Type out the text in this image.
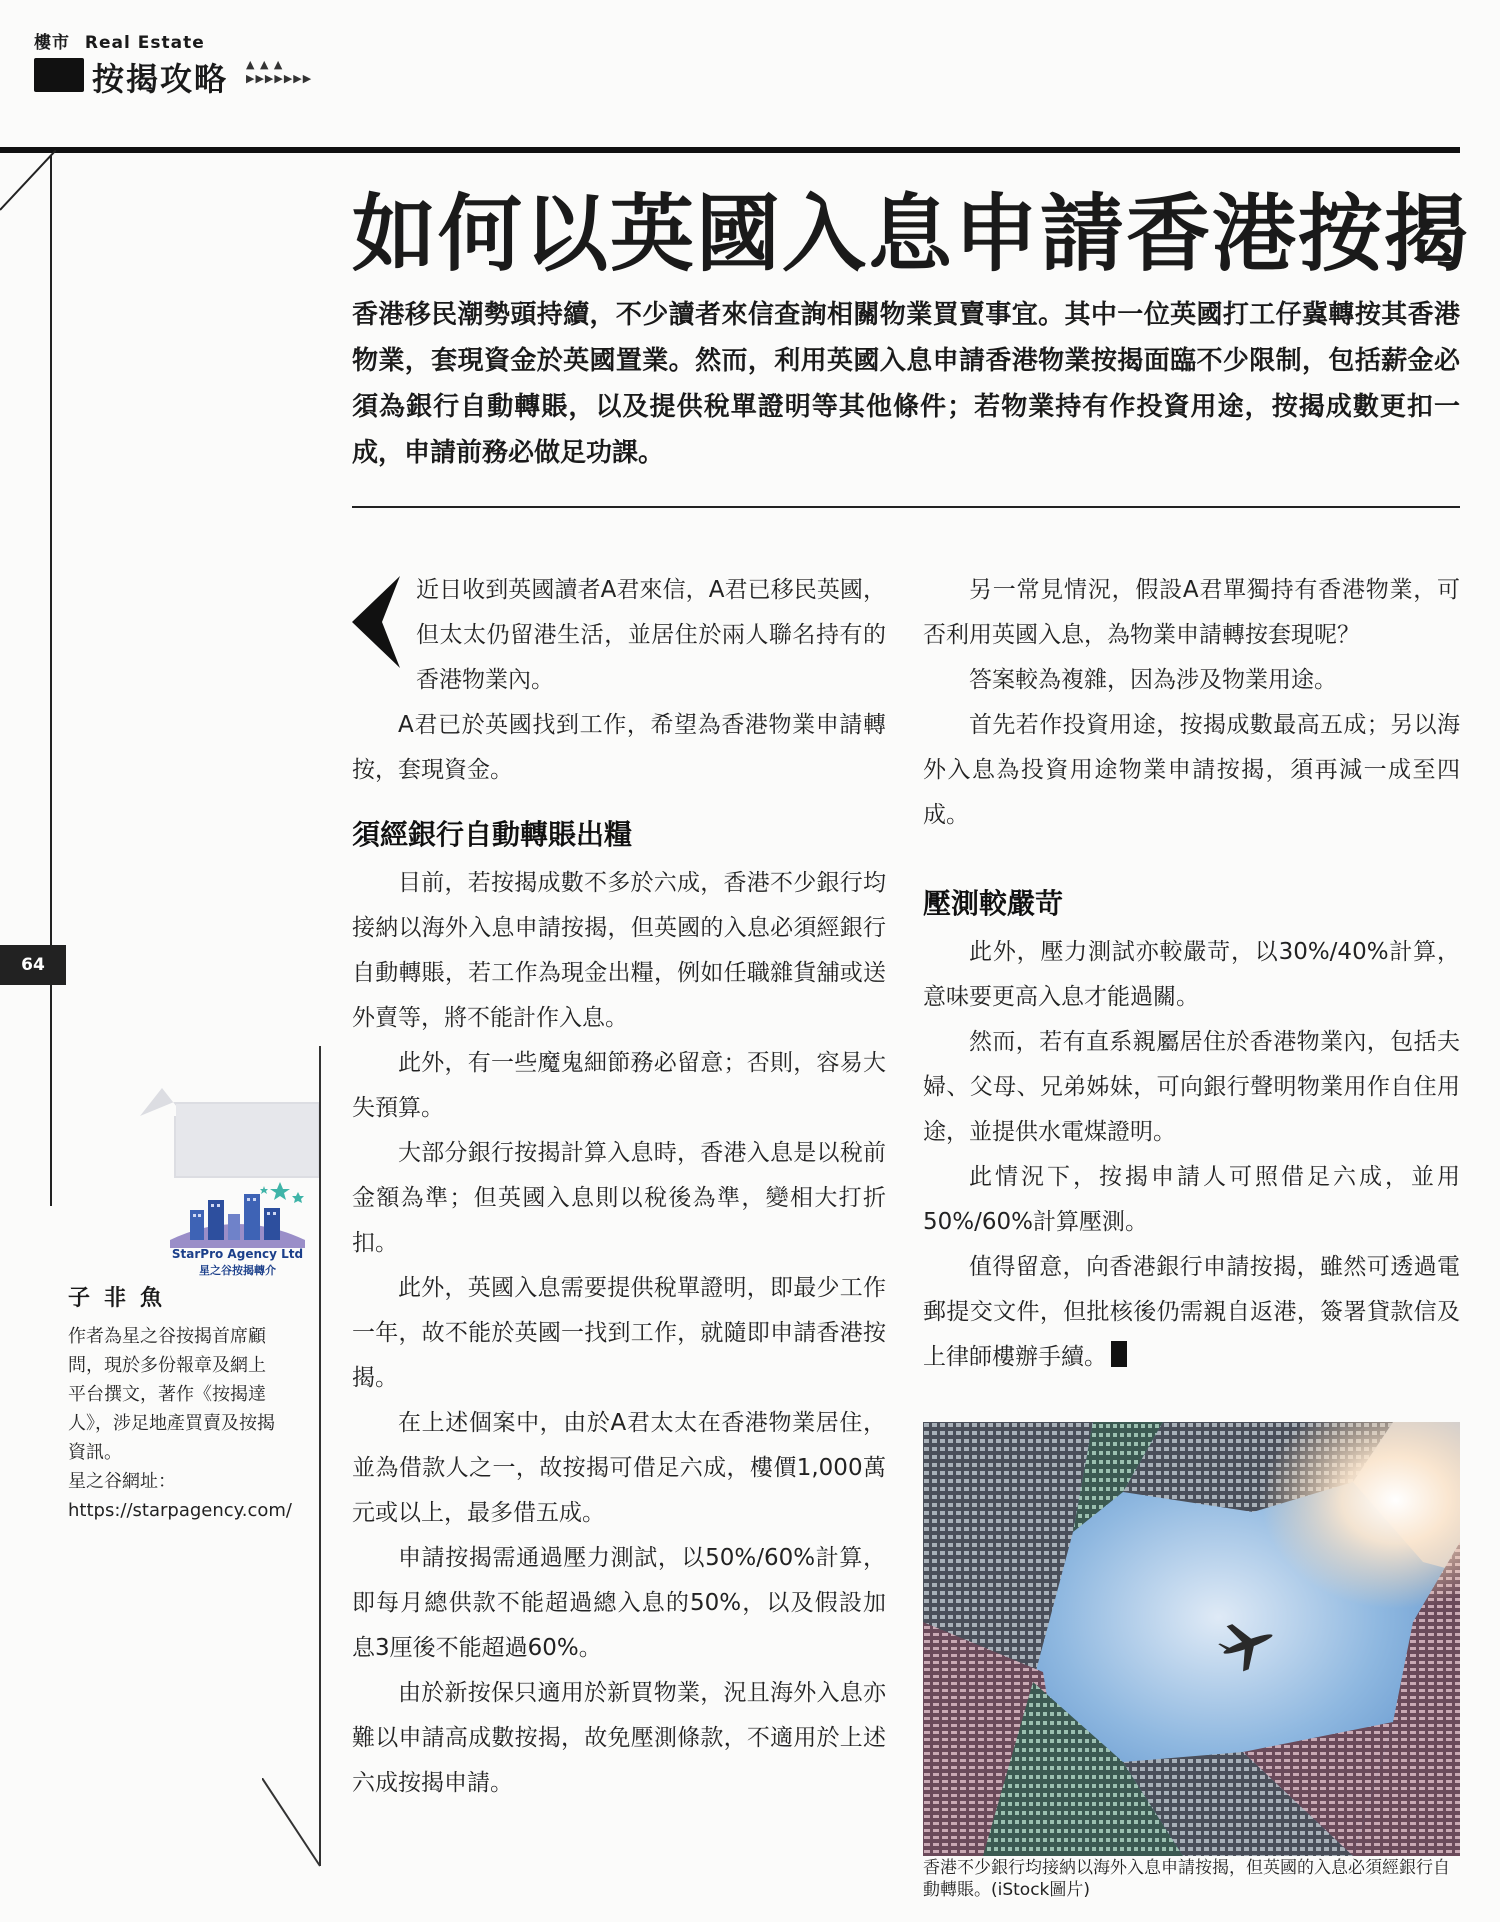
樓市 Real Estate
按揭攻略 ▲ ▲ ▲
▶▶▶▶▶▶▶
64
如何以英國入息申請香港按揭
香港移民潮勢頭持續，不少讀者來信查詢相關物業買賣事宜。其中一位英國打工仔冀轉按其香港物業，套現資金於英國置業。然而，利用英國入息申請香港物業按揭面臨不少限制，包括薪金必須為銀行自動轉賬，以及提供稅單證明等其他條件；若物業持有作投資用途，按揭成數更扣一成，申請前務必做足功課。

近日收到英國讀者A君來信，A君已移民英國，但太太仍留港生活，並居住於兩人聯名持有的香港物業內。

A君已於英國找到工作，希望為香港物業申請轉按，套現資金。

須經銀行自動轉賬出糧

目前，若按揭成數不多於六成，香港不少銀行均接納以海外入息申請按揭，但英國的入息必須經銀行自動轉賬，若工作為現金出糧，例如任職雜貨舖或送外賣等，將不能計作入息。

此外，有一些魔鬼細節務必留意；否則，容易大失預算。

大部分銀行按揭計算入息時，香港入息是以稅前金額為準；但英國入息則以稅後為準，變相大打折扣。

此外，英國入息需要提供稅單證明，即最少工作一年，故不能於英國一找到工作，就隨即申請香港按揭。

在上述個案中，由於A君太太在香港物業居住，並為借款人之一，故按揭可借足六成，樓價1,000萬元或以上，最多借五成。

申請按揭需通過壓力測試，以50%/60%計算，即每月總供款不能超過總入息的50%，以及假設加息3厘後不能超過60%。

由於新按保只適用於新買物業，況且海外入息亦難以申請高成數按揭，故免壓測條款，不適用於上述六成按揭申請。

另一常見情況，假設A君單獨持有香港物業，可否利用英國入息，為物業申請轉按套現呢？

答案較為複雜，因為涉及物業用途。

首先若作投資用途，按揭成數最高五成；另以海外入息為投資用途物業申請按揭，須再減一成至四成。

壓測較嚴苛

此外，壓力測試亦較嚴苛，以30%/40%計算，意味要更高入息才能過關。

然而，若有直系親屬居住於香港物業內，包括夫婦、父母、兄弟姊妹，可向銀行聲明物業用作自住用途，並提供水電煤證明。

此情況下，按揭申請人可照借足六成，並用50%/60%計算壓測。

值得留意，向香港銀行申請按揭，雖然可透過電郵提交文件，但批核後仍需親自返港，簽署貸款信及上律師樓辦手續。

香港不少銀行均接納以海外入息申請按揭，但英國的入息必須經銀行自動轉賬。(iStock圖片)
StarPro Agency Ltd
星之谷按揭轉介
子非魚
作者為星之谷按揭首席顧
問，現於多份報章及網上
平台撰文，著作《按揭達
人》，涉足地產買賣及按揭
資訊。
星之谷網址：
https://starpagency.com/
